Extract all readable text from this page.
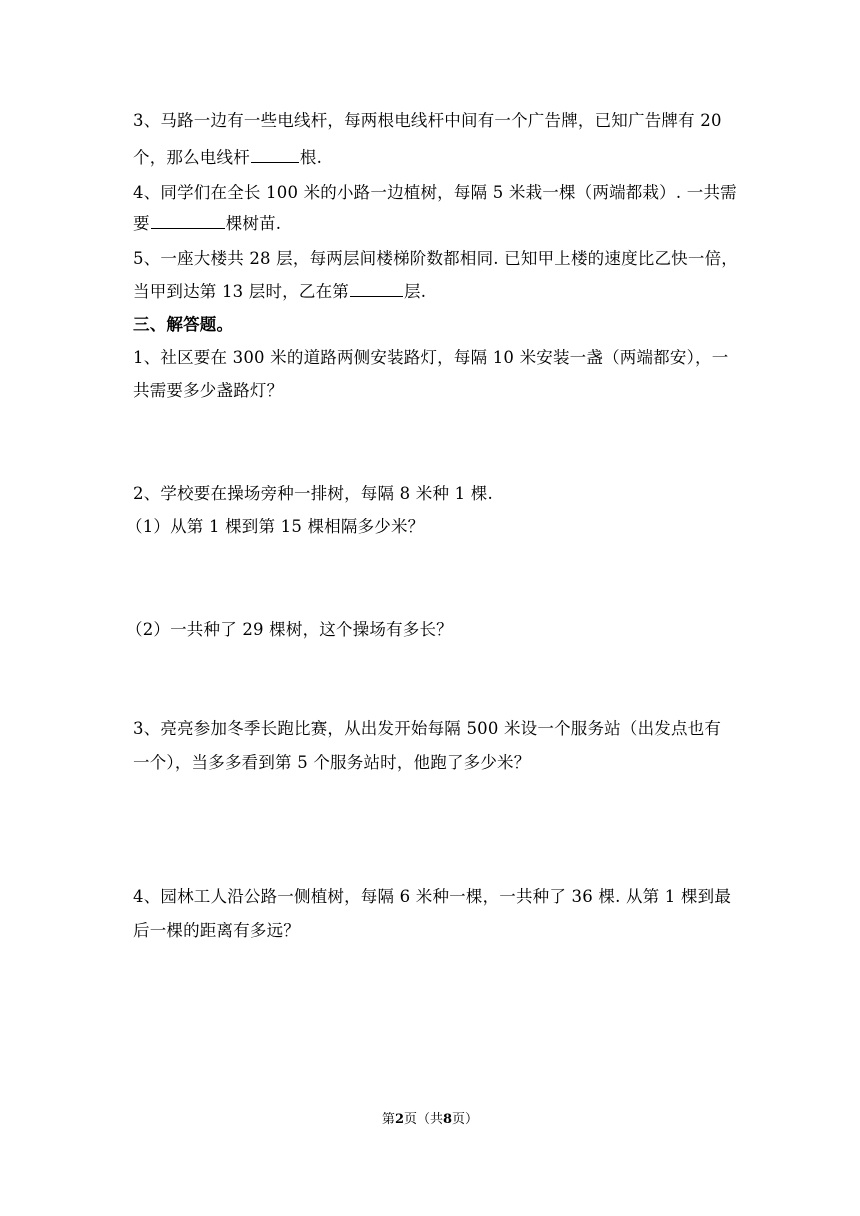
3、马路一边有一些电线杆，每两根电线杆中间有一个广告牌，已知广告牌有 20
个，那么电线杆	根.
4、同学们在全长 100 米的小路一边植树，每隔 5 米栽一棵（两端都栽）. 一共需
要	棵树苗.
5、一座大楼共 28 层，每两层间楼梯阶数都相同. 已知甲上楼的速度比乙快一倍，
当甲到达第 13 层时，乙在第	层.
三、解答题。
1、社区要在 300 米的道路两侧安装路灯，每隔 10 米安装一盏（两端都安），一
共需要多少盏路灯？
2、学校要在操场旁种一排树，每隔 8 米种 1 棵.
（1）从第 1 棵到第 15 棵相隔多少米？
（2）一共种了 29 棵树，这个操场有多长？
3、亮亮参加冬季长跑比赛，从出发开始每隔 500 米设一个服务站（出发点也有
一个），当多多看到第 5 个服务站时，他跑了多少米？
4、园林工人沿公路一侧植树，每隔 6 米种一棵，一共种了 36 棵. 从第 1 棵到最
后一棵的距离有多远？
第2页（共8页）
